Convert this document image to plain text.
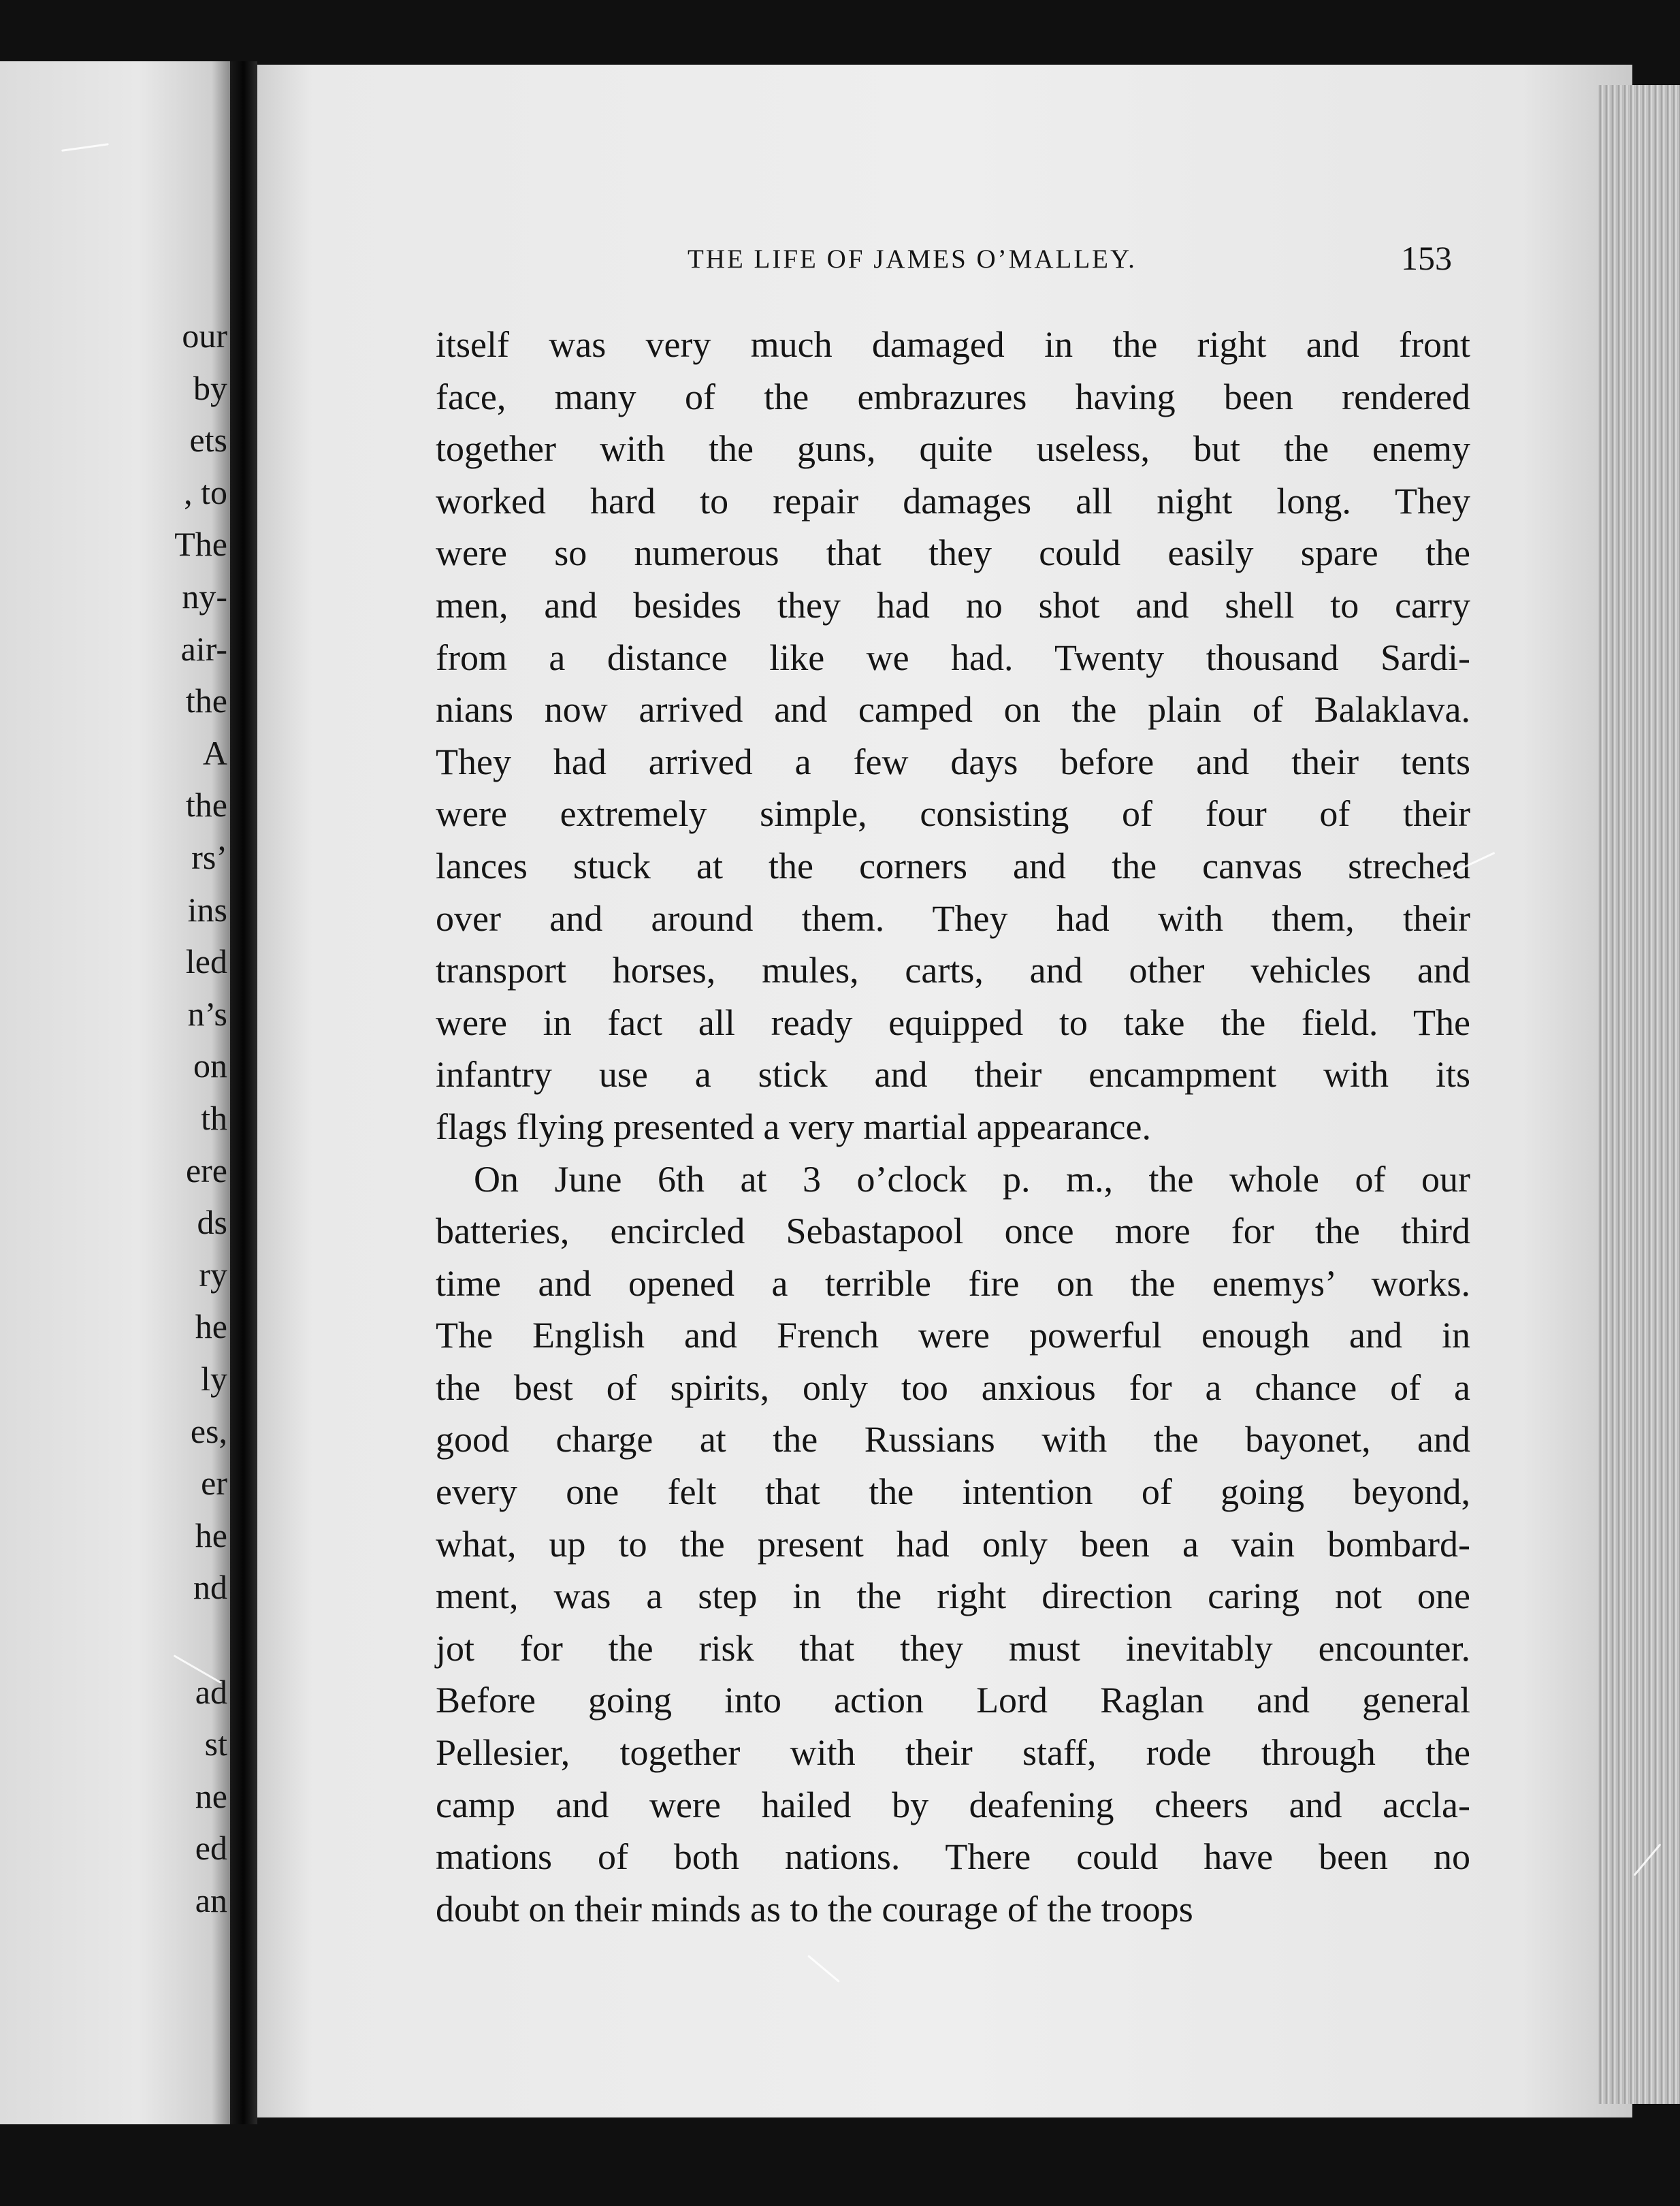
our
by
ets
, to
The
ny-
air-
the
A
the
rs’
ins
led
n’s
on
th
ere
ds
ry
he
ly
es,
er
he
nd
ad
st
ne
ed
an
THE LIFE OF JAMES O’MALLEY.	153
itself was very much damaged in the right and front
face, many of the embrazures having been rendered
together with the guns, quite useless, but the enemy
worked hard to repair damages all night long. They
were so numerous that they could easily spare the
men, and besides they had no shot and shell to carry
from a distance like we had. Twenty thousand Sardi-
nians now arrived and camped on the plain of Balaklava.
They had arrived a few days before and their tents
were extremely simple, consisting of four of their
lances stuck at the corners and the canvas streched
over and around them. They had with them, their
transport horses, mules, carts, and other vehicles and
were in fact all ready equipped to take the field. The
infantry use a stick and their encampment with its
flags flying presented a very martial appearance.
On June 6th at 3 o’clock p. m., the whole of our
batteries, encircled Sebastapool once more for the third
time and opened a terrible fire on the enemys’ works.
The English and French were powerful enough and in
the best of spirits, only too anxious for a chance of a
good charge at the Russians with the bayonet, and
every one felt that the intention of going beyond,
what, up to the present had only been a vain bombard-
ment, was a step in the right direction caring not one
jot for the risk that they must inevitably encounter.
Before going into action Lord Raglan and general
Pellesier, together with their staff, rode through the
camp and were hailed by deafening cheers and accla-
mations of both nations. There could have been no
doubt on their minds as to the courage of the troops
